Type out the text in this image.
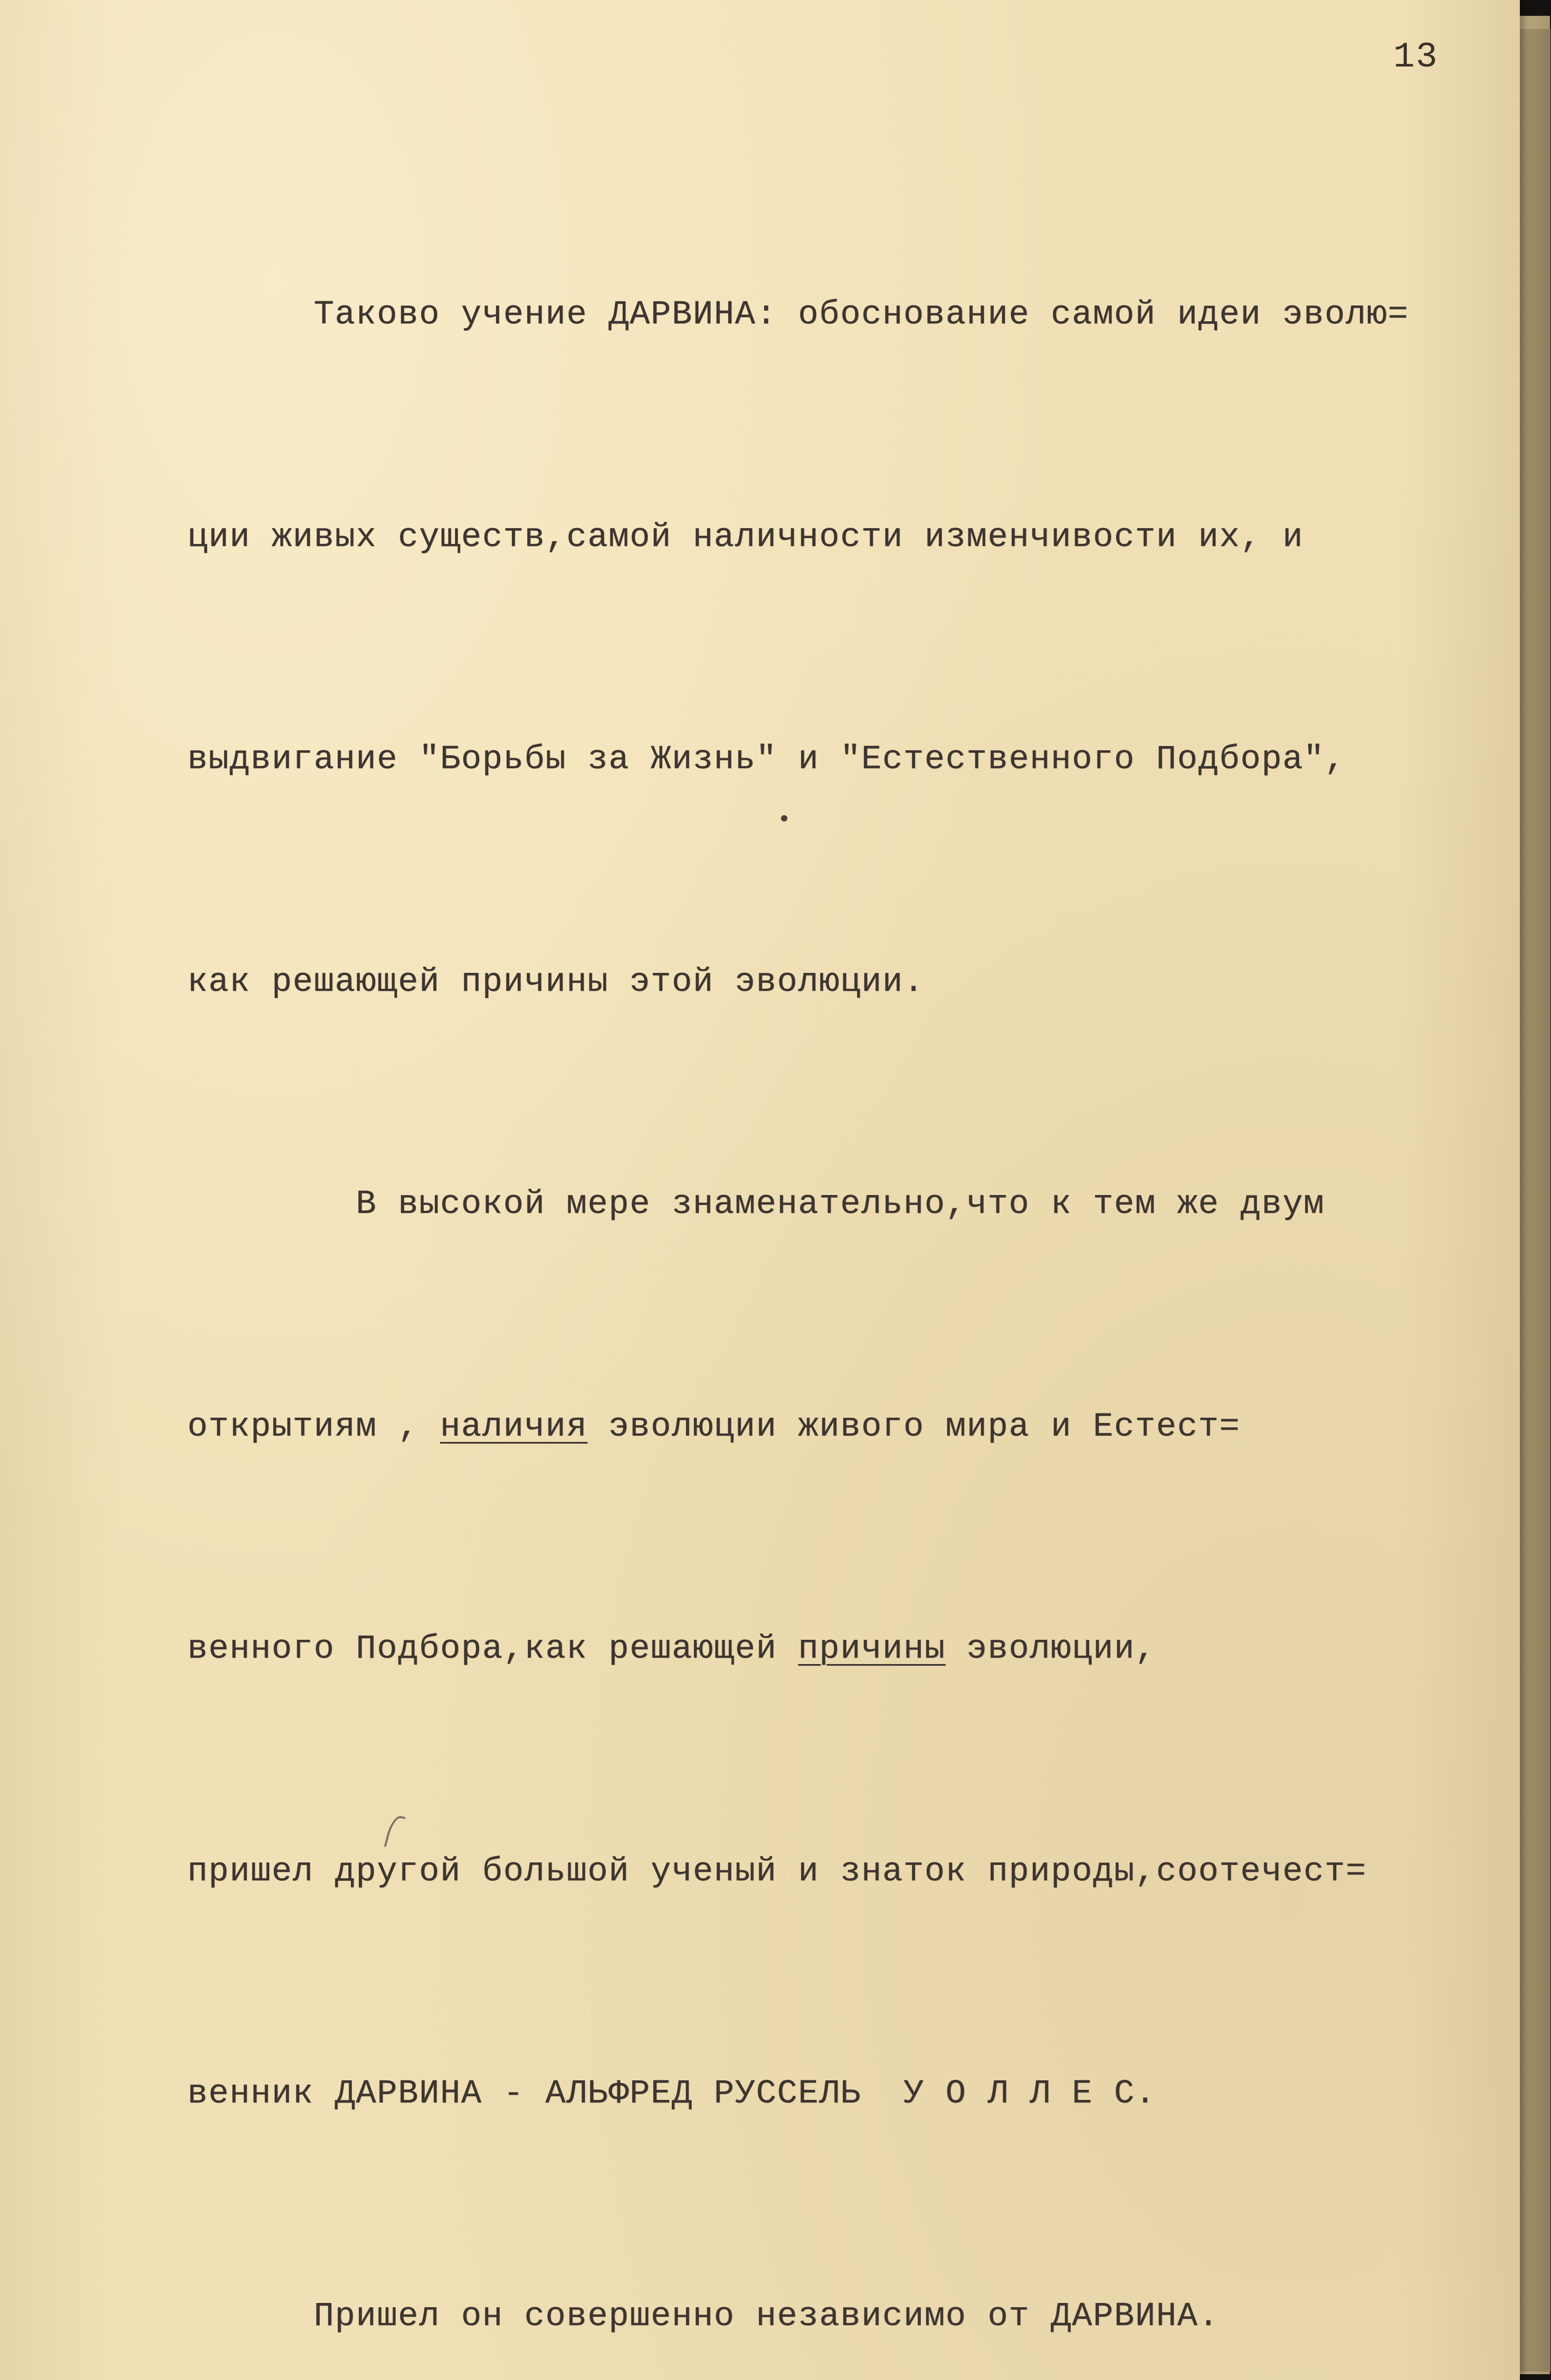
13

Таково учение ДАРВИНА: обоснование самой идеи эволю=

ции живых существ,самой наличности изменчивости их, и

выдвигание "Борьбы за Жизнь" и "Естественного Подбора",

как решающей причины этой эволюции.

В высокой мере знаменательно,что к тем же двум

открытиям , наличия эволюции живого мира и Естест=

венного Подбора,как решающей причины эволюции,

пришел другой большой ученый и знаток природы,соотечест=

венник ДАРВИНА - АЛЬФРЕД РУССЕЛЬ  У О Л Л Е С.

Пришел он совершенно независимо от ДАРВИНА.
